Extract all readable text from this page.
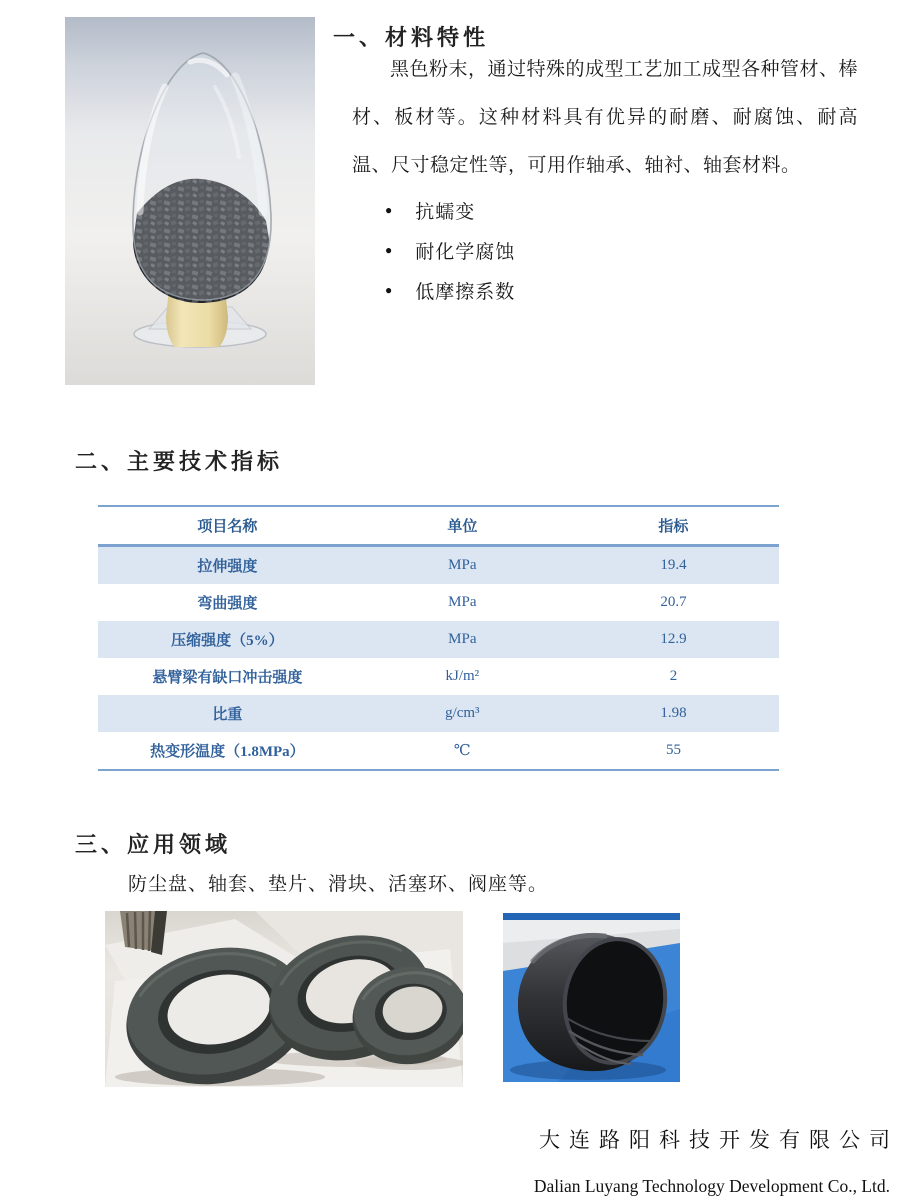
一、材料特性

黑色粉末，通过特殊的成型工艺加工成型各种管材、棒材、板材等。这种材料具有优异的耐磨、耐腐蚀、耐高温、尺寸稳定性等，可用作轴承、轴衬、轴套材料。

● 抗蠕变
● 耐化学腐蚀
● 低摩擦系数
二、主要技术指标
项目名称	单位	指标
拉伸强度	MPa	19.4
弯曲强度	MPa	20.7
压缩强度（5%）	MPa	12.9
悬臂梁有缺口冲击强度	kJ/m²	2
比重	g/cm³	1.98
热变形温度（1.8MPa）	℃	55
三、应用领域

防尘盘、轴套、垫片、滑块、活塞环、阀座等。

大连路阳科技开发有限公司
Dalian Luyang Technology Development Co., Ltd.
